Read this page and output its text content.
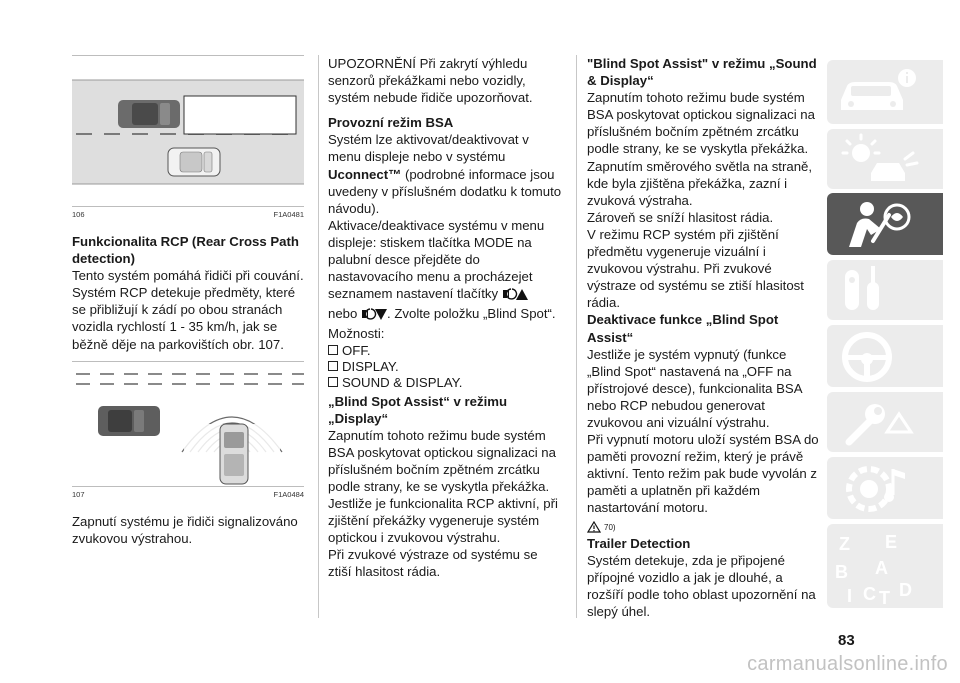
106	F1A0481

Funkcionalita RCP (Rear Cross Path detection)

Tento systém pomáhá řidiči při couvání.

Systém RCP detekuje předměty, které se přibližují k zádí po obou stranách vozidla rychlostí 1 - 35 km/h, jak se běžně děje na parkovištích obr. 107.

107	F1A0484

Zapnutí systému je řidiči signalizováno zvukovou výstrahou.

UPOZORNĚNÍ Při zakrytí výhledu senzorů překážkami nebo vozidly, systém nebude řidiče upozorňovat.

Provozní režim BSA

Systém lze aktivovat/deaktivovat v menu displeje nebo v systému Uconnect™ (podrobné informace jsou uvedeny v příslušném dodatku k tomuto návodu).

Aktivace/deaktivace systému v menu displeje: stiskem tlačítka MODE na palubní desce přejděte do nastavovacího menu a procházejet seznamem nastavení tlačítky

nebo . Zvolte položku „Blind Spot“. Možnosti:

OFF.
DISPLAY.
SOUND & DISPLAY.

„Blind Spot Assist“ v režimu „Display“

Zapnutím tohoto režimu bude systém BSA poskytovat optickou signalizaci na příslušném bočním zpětném zrcátku podle strany, ke se vyskytla překážka.

Jestliže je funkcionalita RCP aktivní, při zjištění překážky vygeneruje systém optickou i zvukovou výstrahu.

Při zvukové výstraze od systému se ztiší hlasitost rádia.

"Blind Spot Assist" v režimu „Sound & Display“

Zapnutím tohoto režimu bude systém BSA poskytovat optickou signalizaci na příslušném bočním zpětném zrcátku podle strany, ke se vyskytla překážka.

Zapnutím směrového světla na straně, kde byla zjištěna překážka, zazní i zvuková výstraha.

Zároveň se sníží hlasitost rádia.

V režimu RCP systém při zjištění předmětu vygeneruje vizuální i zvukovou výstrahu. Při zvukové výstraze od systému se ztiší hlasitost rádia.

Deaktivace funkce „Blind Spot Assist“

Jestliže je systém vypnutý (funkce „Blind Spot“ nastavená na „OFF na přístrojové desce), funkcionalita BSA nebo RCP nebudou generovat zvukovou ani vizuální výstrahu.

Při vypnutí motoru uloží systém BSA do paměti provozní režim, který je právě aktivní. Tento režim pak bude vyvolán z paměti a uplatněn při každém nastartování motoru.

70)

Trailer Detection

Systém detekuje, zda je připojené přípojné vozidlo a jak je dlouhé, a rozšíří podle toho oblast upozornění na slepý úhel.

Z E
B A
I C T D
83
carmanualsonline.info
